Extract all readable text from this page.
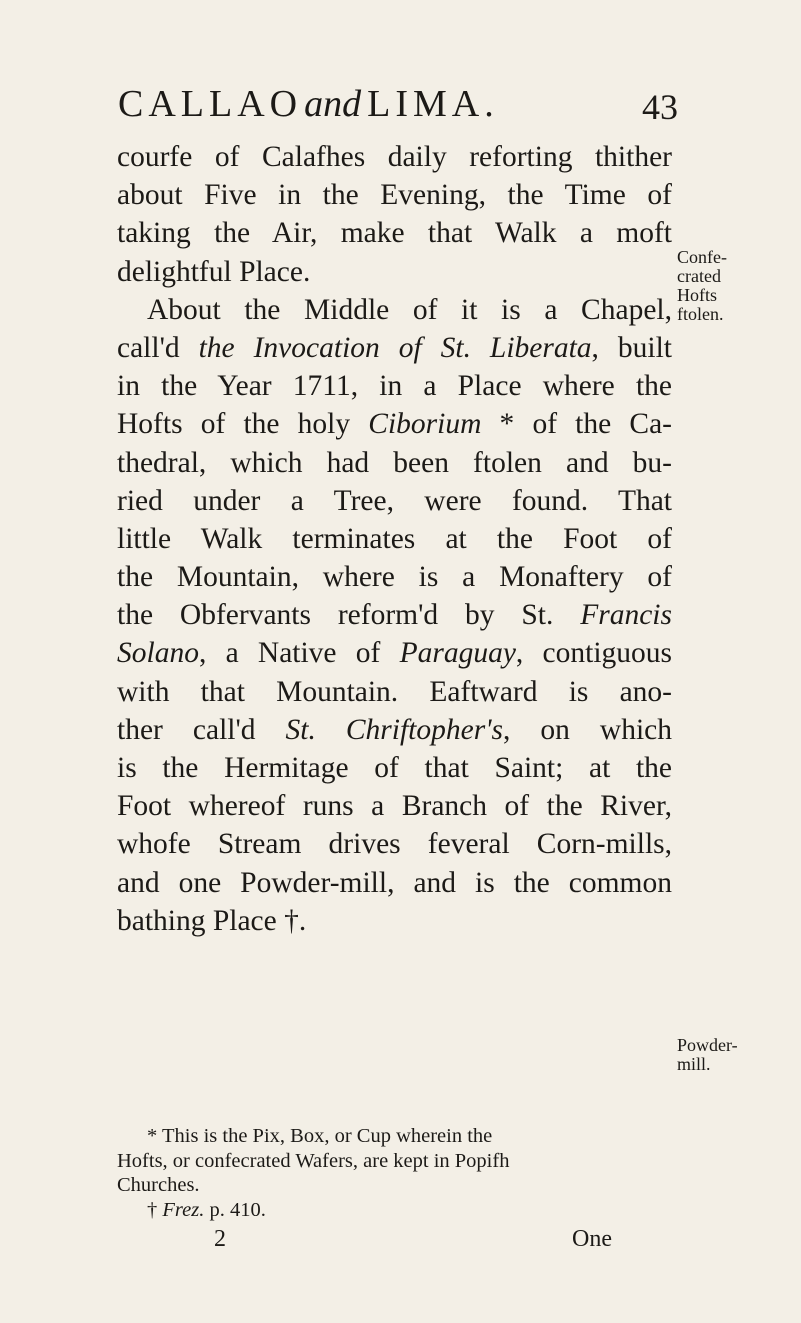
CALLAOand LIMA.	43
courfe of Calafhes daily reforting thither
about Five in the Evening, the Time of
taking the Air, make that Walk a moft
delightful Place.
About the Middle of it is a Chapel,
call'd the Invocation of St. Liberata, built
in the Year 1711, in a Place where the
Hofts of the holy Ciborium * of the Ca-
thedral, which had been ftolen and bu-
ried under a Tree, were found. That
little Walk terminates at the Foot of
the Mountain, where is a Monaftery of
the Obfervants reform'd by St. Francis
Solano, a Native of Paraguay, contiguous
with that Mountain. Eaftward is ano-
ther call'd St. Chriftopher's, on which
is the Hermitage of that Saint; at the
Foot whereof runs a Branch of the River,
whofe Stream drives feveral Corn-mills,
and one Powder-mill, and is the common
bathing Place †.
Confe-
crated
Hofts
ftolen.
Powder-
mill.
* This is the Pix, Box, or Cup wherein the
Hofts, or confecrated Wafers, are kept in Popifh
Churches.
† Frez. p. 410.
2	One
